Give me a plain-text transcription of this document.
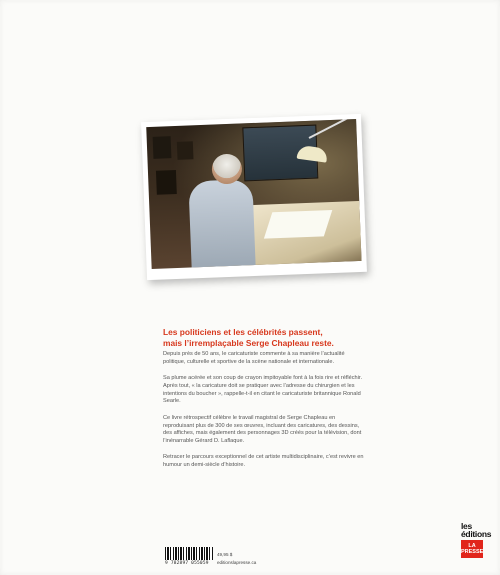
Les politiciens et les célébrités passent,
mais l’irremplaçable Serge Chapleau reste.

Depuis près de 50 ans, le caricaturiste commente à sa manière l’actualité politique, culturelle et sportive de la scène nationale et internationale.

Sa plume acérée et son coup de crayon impitoyable font à la fois rire et réfléchir. Après tout, « la caricature doit se pratiquer avec l’adresse du chirurgien et les intentions du boucher », rappelle-t-il en citant le caricaturiste britannique Ronald Searle.

Ce livre rétrospectif célèbre le travail magistral de Serge Chapleau en reproduisant plus de 300 de ses œuvres, incluant des caricatures, des dessins, des affiches, mais également des personnages 3D créés pour la télévision, dont l’inénarrable Gérard D. Laflaque.

Retracer le parcours exceptionnel de cet artiste multidisciplinaire, c’est revivre en humour un demi-siècle d’histoire.

9 782897 055059
49,95 $
editionslapresse.ca
les éditions
LA PRESSE
